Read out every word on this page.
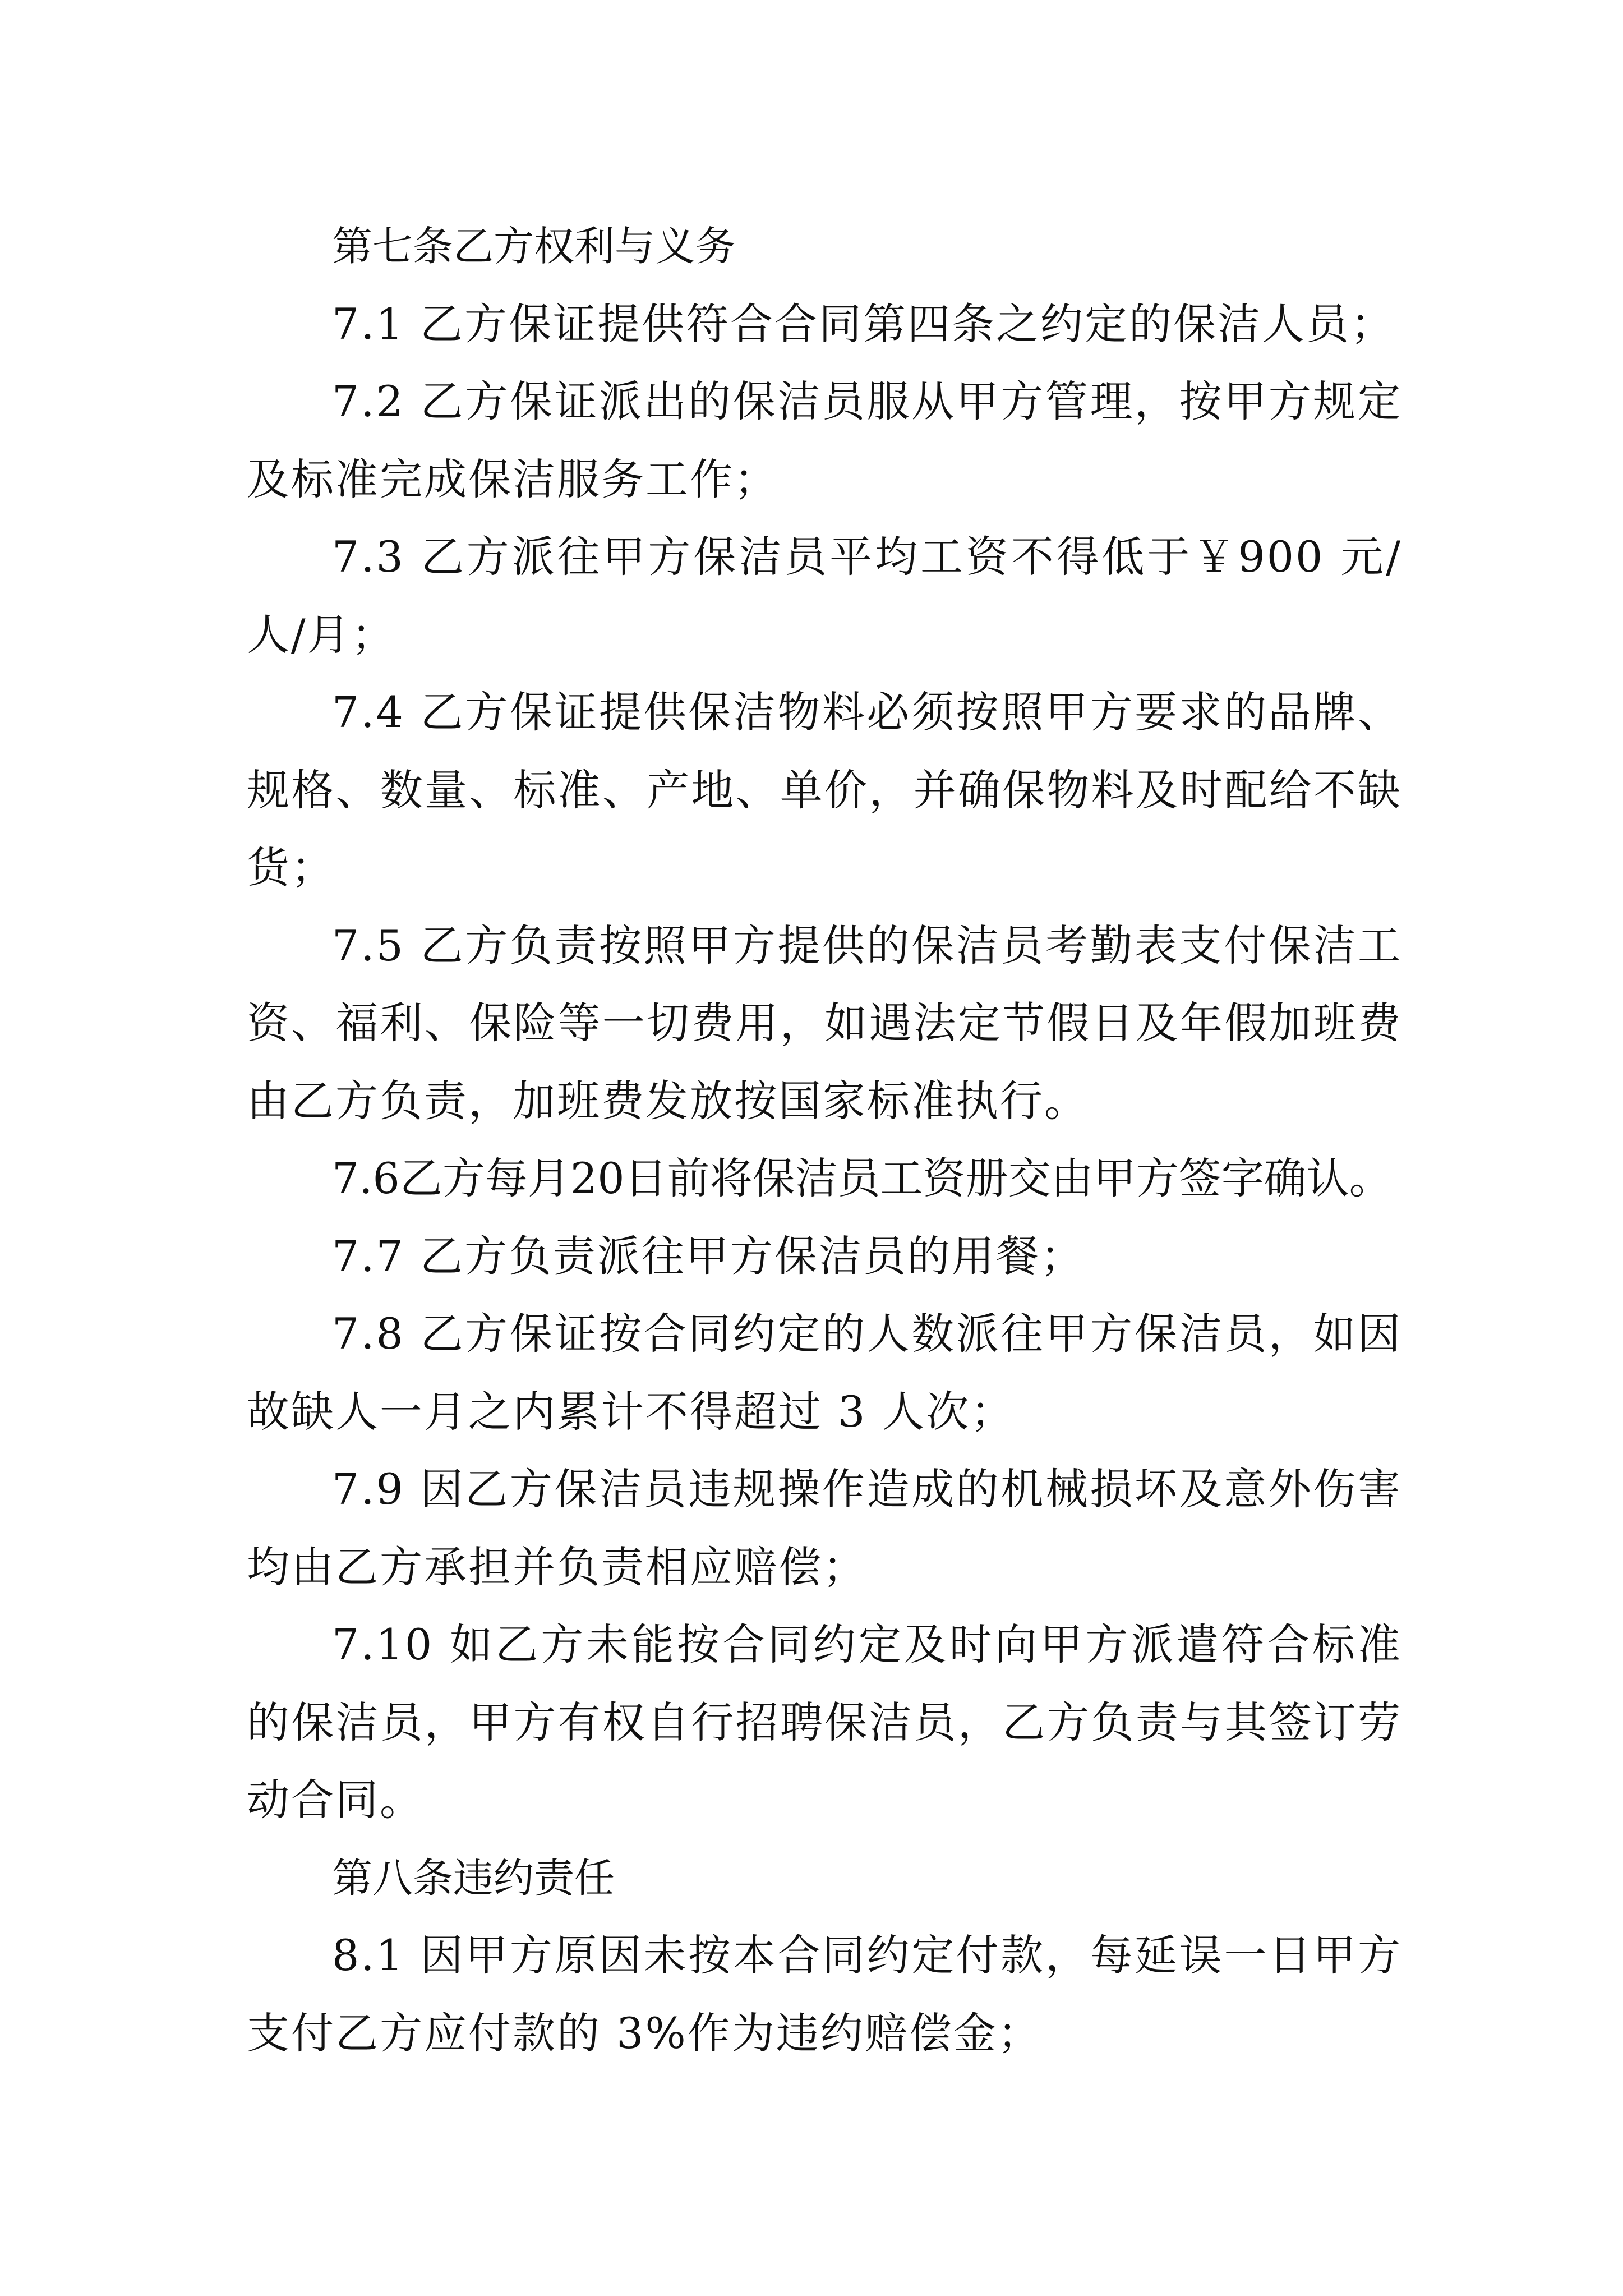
第七条乙方权利与义务

7.1 乙方保证提供符合合同第四条之约定的保洁人员；

7.2 乙方保证派出的保洁员服从甲方管理，按甲方规定及标准完成保洁服务工作；

7.3 乙方派往甲方保洁员平均工资不得低于￥900 元/人/月；

7.4 乙方保证提供保洁物料必须按照甲方要求的品牌、规格、数量、标准、产地、单价，并确保物料及时配给不缺货；

7.5 乙方负责按照甲方提供的保洁员考勤表支付保洁工资、福利、保险等一切费用，如遇法定节假日及年假加班费由乙方负责，加班费发放按国家标准执行。

7.6乙方每月20日前将保洁员工资册交由甲方签字确认。

7.7 乙方负责派往甲方保洁员的用餐；

7.8 乙方保证按合同约定的人数派往甲方保洁员，如因故缺人一月之内累计不得超过 3 人次；

7.9 因乙方保洁员违规操作造成的机械损坏及意外伤害均由乙方承担并负责相应赔偿；

7.10 如乙方未能按合同约定及时向甲方派遣符合标准的保洁员，甲方有权自行招聘保洁员，乙方负责与其签订劳动合同。

第八条违约责任

8.1 因甲方原因未按本合同约定付款，每延误一日甲方支付乙方应付款的 3%作为违约赔偿金；
